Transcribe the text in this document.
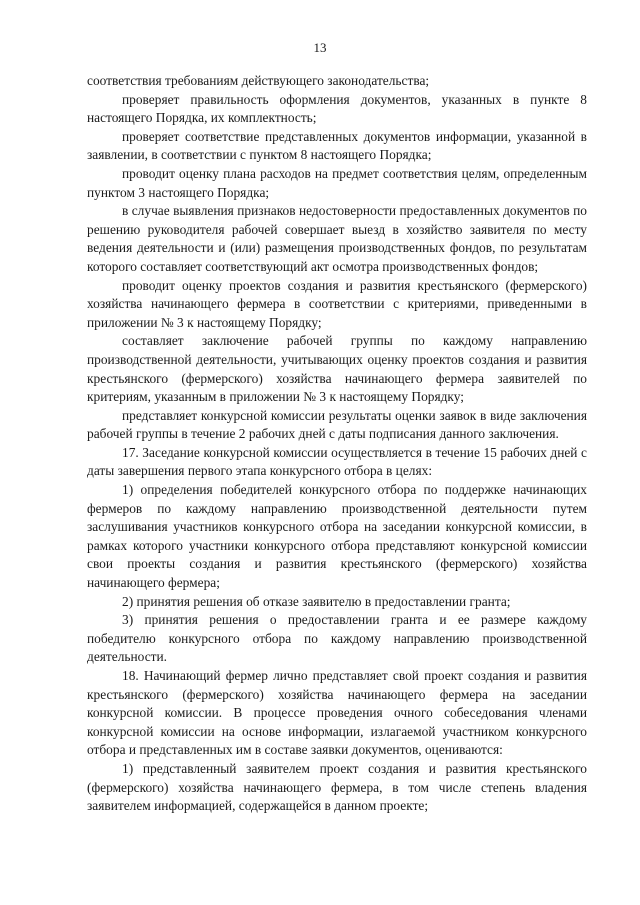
13

соответствия требованиям действующего законодательства;

проверяет правильность оформления документов, указанных в пункте 8 настоящего Порядка, их комплектность;

проверяет соответствие представленных документов информации, указанной в заявлении, в соответствии с пунктом 8 настоящего Порядка;

проводит оценку плана расходов на предмет соответствия целям, определенным пунктом 3 настоящего Порядка;

в случае выявления признаков недостоверности предоставленных документов по решению руководителя рабочей совершает выезд в хозяйство заявителя по месту ведения деятельности и (или) размещения производственных фондов, по результатам которого составляет соответствующий акт осмотра производственных фондов;

проводит оценку проектов создания и развития крестьянского (фермерского) хозяйства начинающего фермера в соответствии с критериями, приведенными в приложении № 3 к настоящему Порядку;

составляет заключение рабочей группы по каждому направлению производственной деятельности, учитывающих оценку проектов создания и развития крестьянского (фермерского) хозяйства начинающего фермера заявителей по критериям, указанным в приложении № 3 к настоящему Порядку;

представляет конкурсной комиссии результаты оценки заявок в виде заключения рабочей группы в течение 2 рабочих дней с даты подписания данного заключения.

17. Заседание конкурсной комиссии осуществляется в течение 15 рабочих дней с даты завершения первого этапа конкурсного отбора в целях:

1) определения победителей конкурсного отбора по поддержке начинающих фермеров по каждому направлению производственной деятельности путем заслушивания участников конкурсного отбора на заседании конкурсной комиссии, в рамках которого участники конкурсного отбора представляют конкурсной комиссии свои проекты создания и развития крестьянского (фермерского) хозяйства начинающего фермера;

2) принятия решения об отказе заявителю в предоставлении гранта;

3) принятия решения о предоставлении гранта и ее размере каждому победителю конкурсного отбора по каждому направлению производственной деятельности.

18. Начинающий фермер лично представляет свой проект создания и развития крестьянского (фермерского) хозяйства начинающего фермера на заседании конкурсной комиссии. В процессе проведения очного собеседования членами конкурсной комиссии на основе информации, излагаемой участником конкурсного отбора и представленных им в составе заявки документов, оцениваются:

1) представленный заявителем проект создания и развития крестьянского (фермерского) хозяйства начинающего фермера, в том числе степень владения заявителем информацией, содержащейся в данном проекте;
